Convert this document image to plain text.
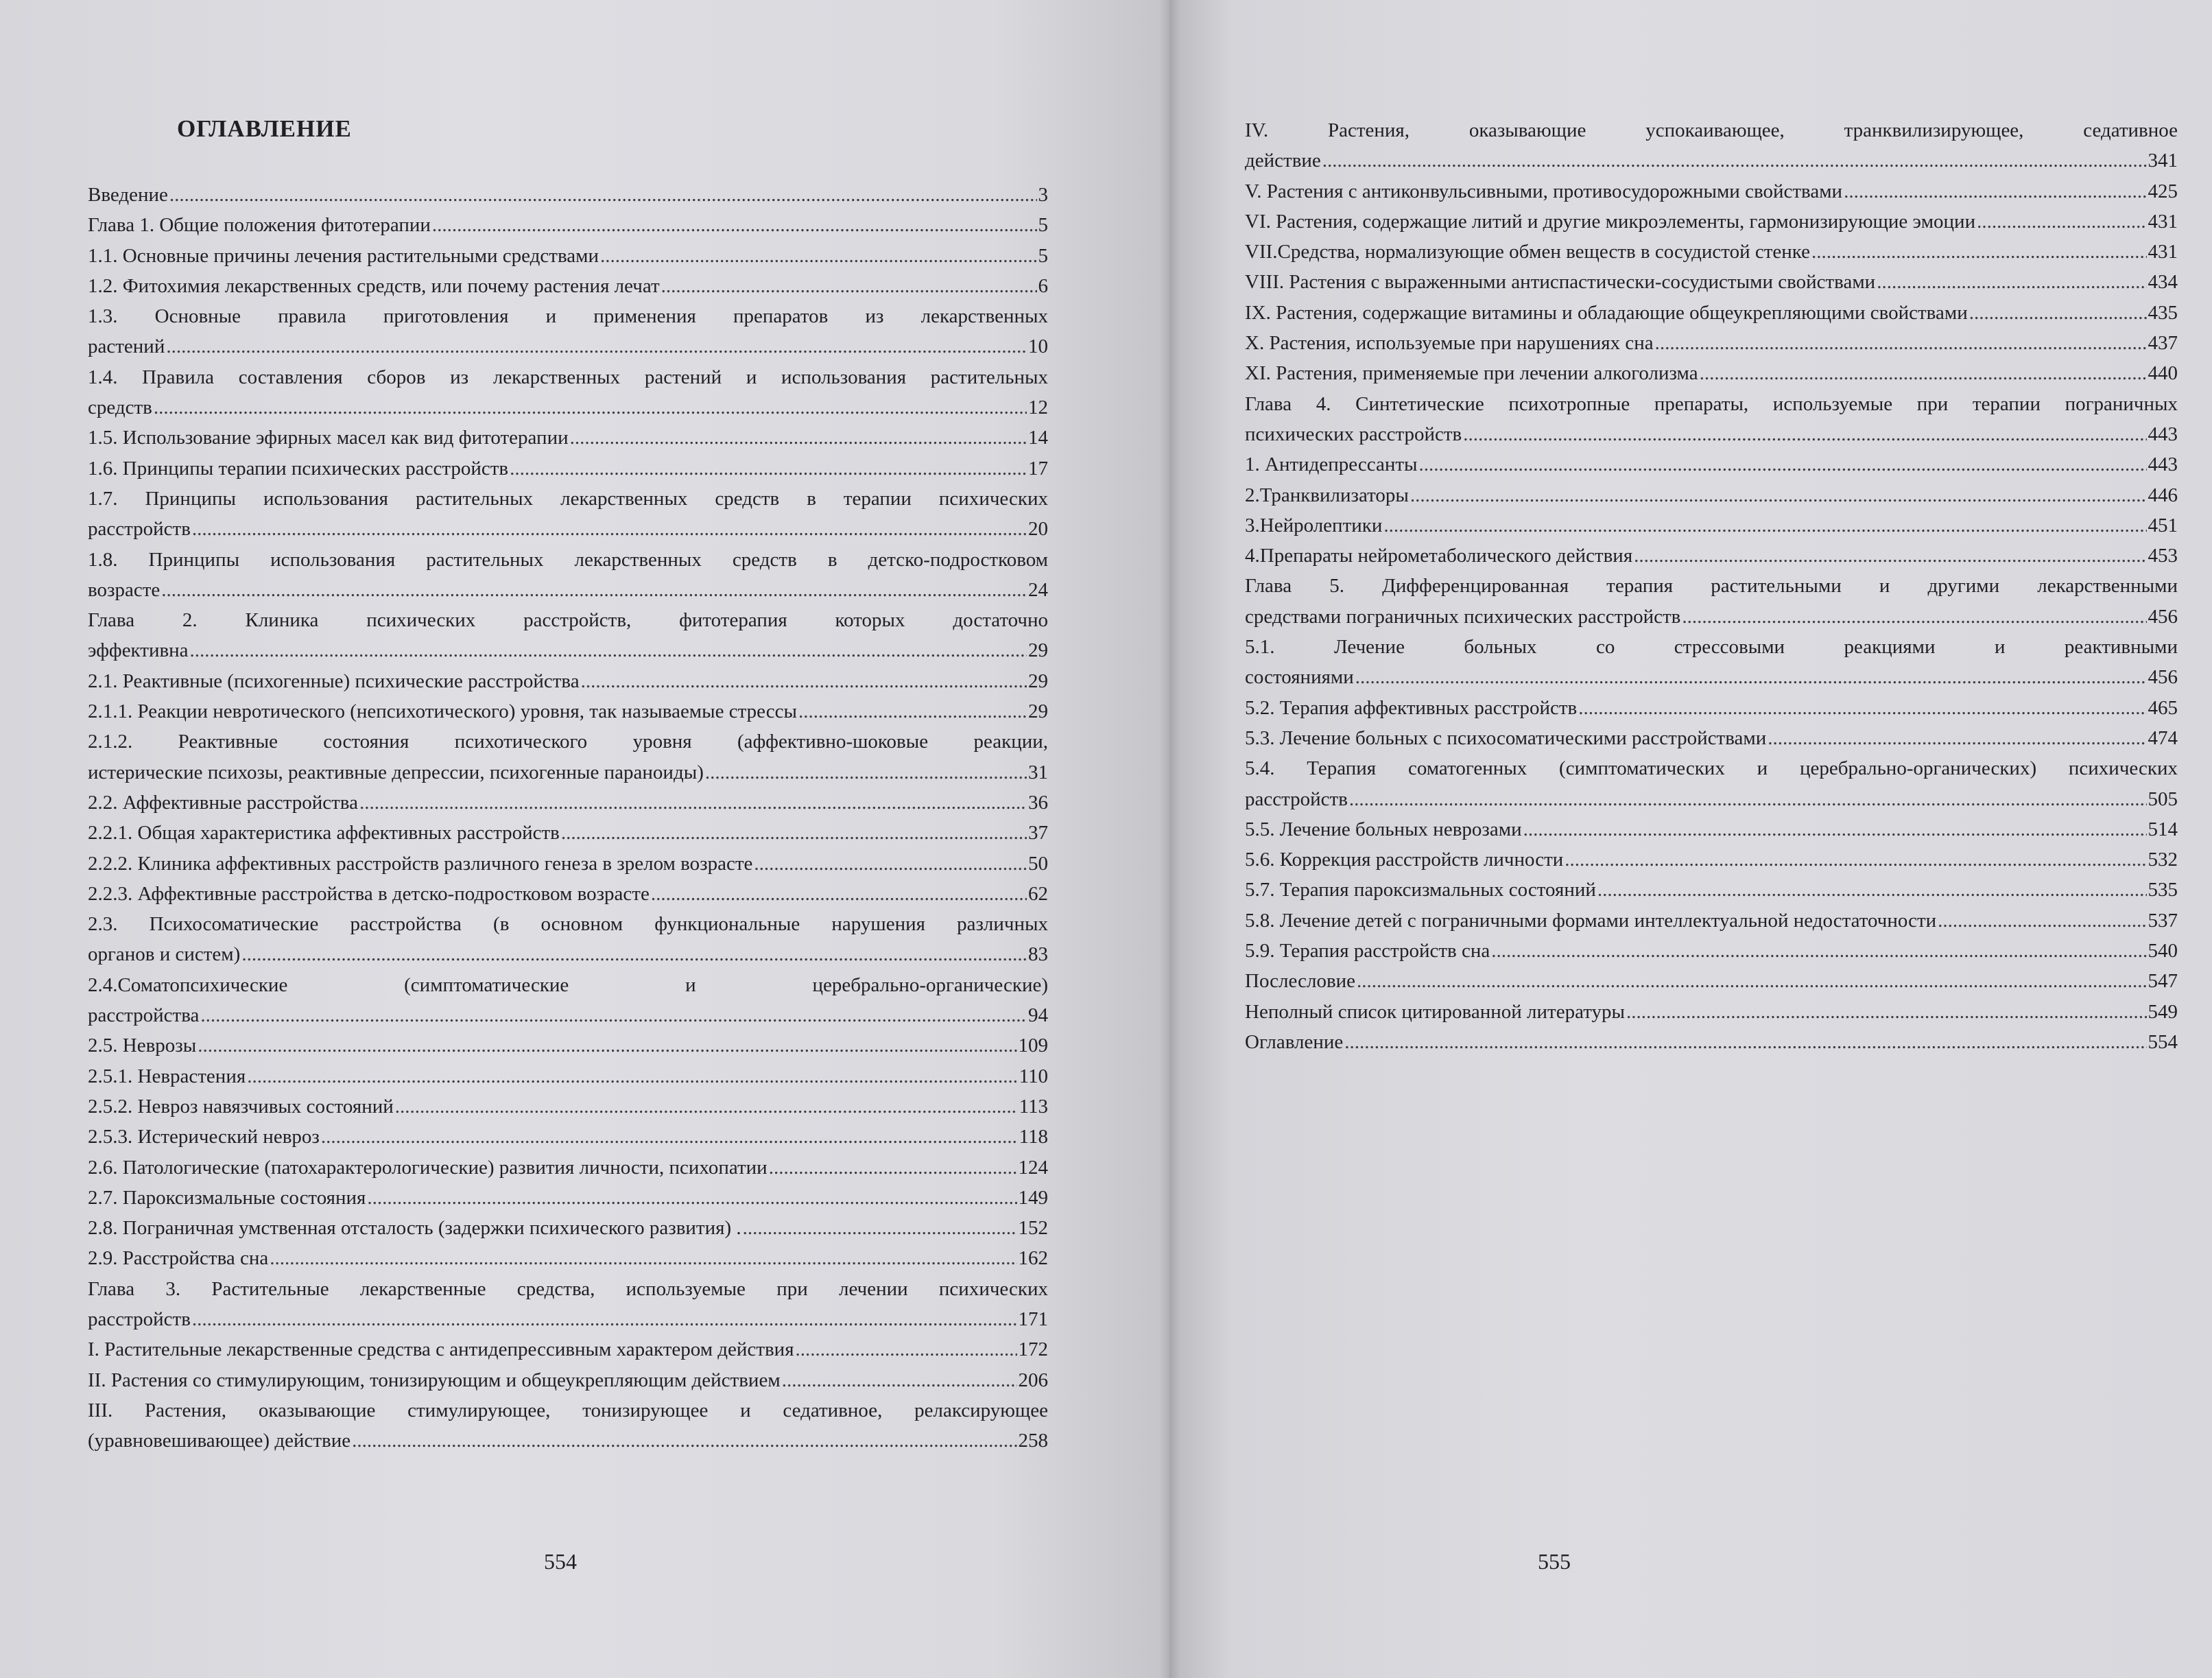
ОГЛАВЛЕНИЕ
Введение .....	3
Глава 1. Общие положения фитотерапии .....	5
1.1. Основные причины лечения растительными средствами .....	5
1.2. Фитохимия лекарственных средств, или почему растения лечат .....	6
1.3. Основные правила приготовления и применения препаратов из лекарственных
растений .....	10
1.4. Правила составления сборов из лекарственных растений и использования растительных
средств .....	12
1.5. Использование эфирных масел как вид фитотерапии .....	14
1.6. Принципы терапии психических расстройств .....	17
1.7. Принципы использования растительных лекарственных средств в терапии психических
расстройств .....	20
1.8. Принципы использования растительных лекарственных средств в детско-подростковом
возрасте .....	24
Глава 2. Клиника психических расстройств, фитотерапия которых достаточно
эффективна .....	29
2.1. Реактивные (психогенные) психические расстройства .....	29
2.1.1. Реакции невротического (непсихотического) уровня, так называемые стрессы .....	29
2.1.2. Реактивные состояния психотического уровня (аффективно-шоковые реакции,
истерические психозы, реактивные депрессии, психогенные параноиды) .....	31
2.2. Аффективные расстройства .....	36
2.2.1. Общая характеристика аффективных расстройств .....	37
2.2.2. Клиника аффективных расстройств различного генеза в зрелом возрасте .....	50
2.2.3. Аффективные расстройства в детско-подростковом возрасте .....	62
2.3. Психосоматические расстройства (в основном функциональные нарушения различных
органов и систем) .....	83
2.4.Соматопсихические (симптоматические и церебрально-органические)
расстройства .....	94
2.5. Неврозы .....	109
2.5.1. Неврастения .....	110
2.5.2. Невроз навязчивых состояний .....	113
2.5.3. Истерический невроз .....	118
2.6. Патологические (патохарактерологические) развития личности, психопатии .....	124
2.7. Пароксизмальные состояния .....	149
2.8. Пограничная умственная отсталость (задержки психического развития) . .....	152
2.9. Расстройства сна .....	162
Глава 3. Растительные лекарственные средства, используемые при лечении психических
расстройств .....	171
I. Растительные лекарственные средства с антидепрессивным характером действия .....	172
II. Растения со стимулирующим, тонизирующим и общеукрепляющим действием .....	206
III. Растения, оказывающие стимулирующее, тонизирующее и седативное, релаксирующее
(уравновешивающее) действие .....	258
554
IV. Растения, оказывающие успокаивающее, транквилизирующее, седативное
действие .....	341
V. Растения с антиконвульсивными, противосудорожными свойствами .....	425
VI. Растения, содержащие литий и другие микроэлементы, гармонизирующие эмоции .....	431
VII.Средства, нормализующие обмен веществ в сосудистой стенке .....	431
VIII. Растения с выраженными антиспастически-сосудистыми свойствами .....	434
IX. Растения, содержащие витамины и обладающие общеукрепляющими свойствами .....	435
X. Растения, используемые при нарушениях сна .....	437
XI. Растения, применяемые при лечении алкоголизма .....	440
Глава 4. Синтетические психотропные препараты, используемые при терапии пограничных
психических расстройств .....	443
1. Антидепрессанты .....	443
2.Транквилизаторы .....	446
3.Нейролептики .....	451
4.Препараты нейрометаболического действия .....	453
Глава 5. Дифференцированная терапия растительными и другими лекарственными
средствами пограничных психических расстройств .....	456
5.1. Лечение больных со стрессовыми реакциями и реактивными
состояниями .....	456
5.2. Терапия аффективных расстройств .....	465
5.3. Лечение больных с психосоматическими расстройствами .....	474
5.4. Терапия соматогенных (симптоматических и церебрально-органических) психических
расстройств .....	505
5.5. Лечение больных неврозами .....	514
5.6. Коррекция расстройств личности .....	532
5.7. Терапия пароксизмальных состояний .....	535
5.8. Лечение детей с пограничными формами интеллектуальной недостаточности .....	537
5.9. Терапия расстройств сна .....	540
Послесловие .....	547
Неполный список цитированной литературы .....	549
Оглавление .....	554
555
